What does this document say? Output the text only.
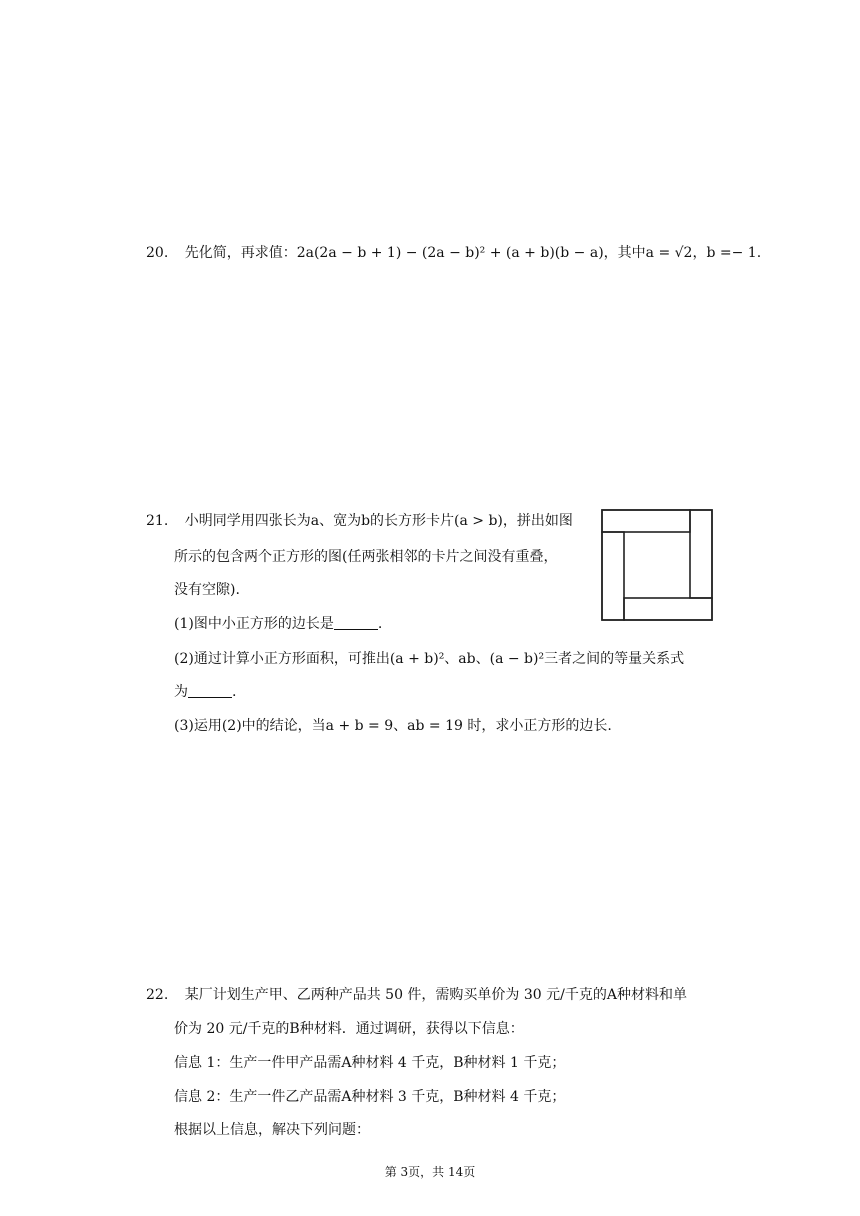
20. 先化简，再求值：2a(2a − b + 1) − (2a − b)² + (a + b)(b − a)，其中a = √2，b =− 1.
21. 小明同学用四张长为a、宽为b的长方形卡片(a > b)，拼出如图
所示的包含两个正方形的图(任两张相邻的卡片之间没有重叠，
没有空隙).
(1)图中小正方形的边长是	.
(2)通过计算小正方形面积，可推出(a + b)²、ab、(a − b)²三者之间的等量关系式
为	.
(3)运用(2)中的结论，当a + b = 9、ab = 19 时，求小正方形的边长.
22. 某厂计划生产甲、乙两种产品共 50 件，需购买单价为 30 元/千克的A种材料和单
价为 20 元/千克的B种材料．通过调研，获得以下信息：
信息 1：生产一件甲产品需A种材料 4 千克，B种材料 1 千克；
信息 2：生产一件乙产品需A种材料 3 千克，B种材料 4 千克；
根据以上信息，解决下列问题：
第 3页，共 14页
